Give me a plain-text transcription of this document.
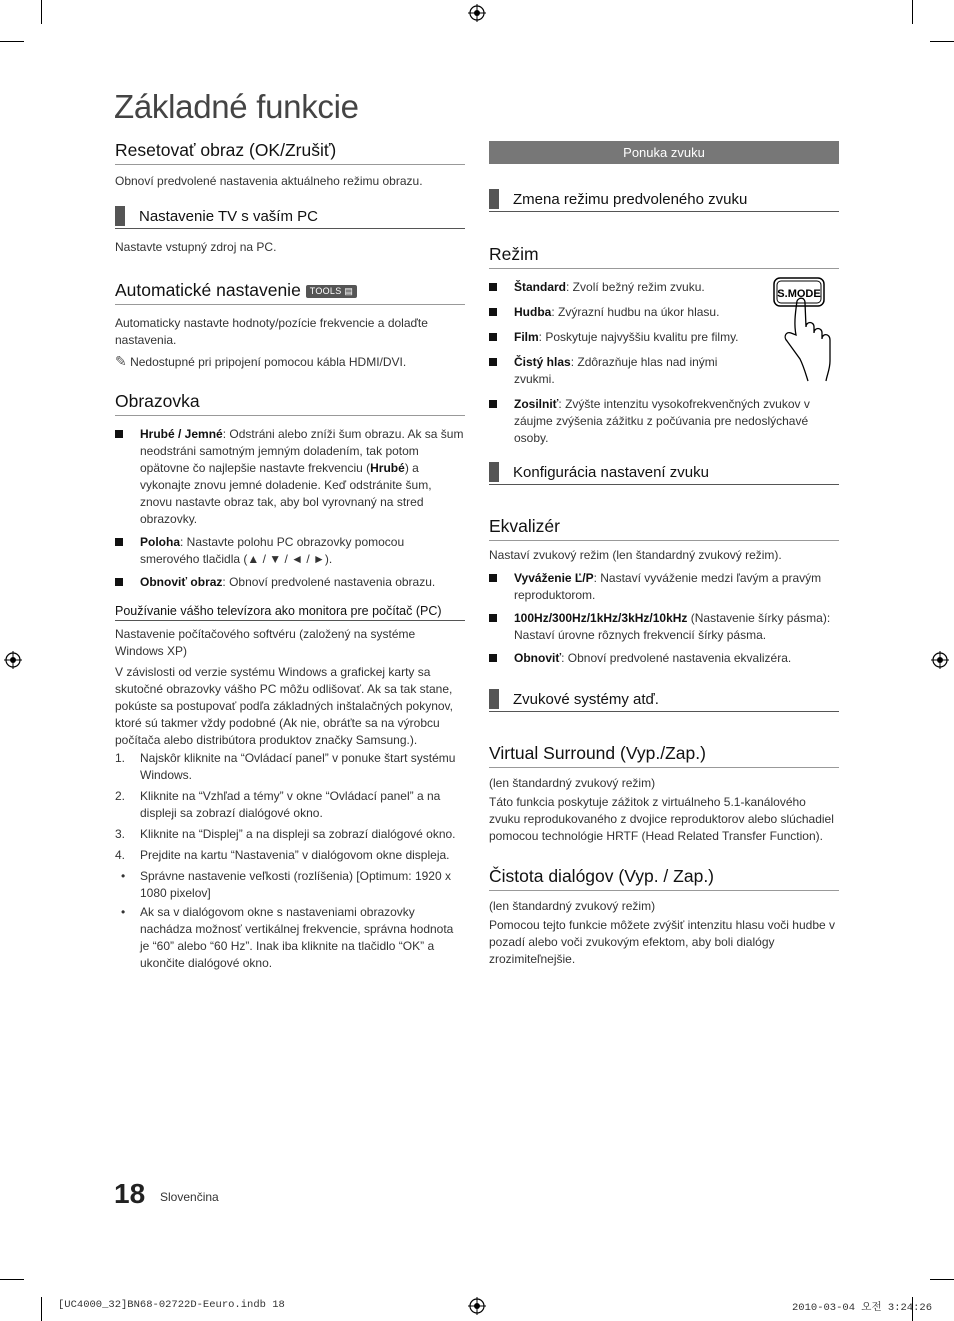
Základné funkcie
Resetovať obraz (OK/Zrušiť)

Obnoví predvolené nastavenia aktuálneho režimu obrazu.

Nastavenie TV s vaším PC

Nastavte vstupný zdroj na PC.

Automatické nastavenie TOOLS ▤

Automaticky nastavte hodnoty/pozície frekvencie a dolaďte nastavenia.

✎ Nedostupné pri pripojení pomocou kábla HDMI/DVI.

Obrazovka
Hrubé / Jemné: Odstráni alebo zníži šum obrazu. Ak sa šum neodstráni samotným jemným doladením, tak potom opätovne čo najlepšie nastavte frekvenciu (Hrubé) a vykonajte znovu jemné doladenie. Keď odstránite šum, znovu nastavte obraz tak, aby bol vyrovnaný na stred obrazovky.
Poloha: Nastavte polohu PC obrazovky pomocou smerového tlačidla (▲ / ▼ / ◄ / ►).
Obnoviť obraz: Obnoví predvolené nastavenia obrazu.
Používanie vášho televízora ako monitora pre počítač (PC)

Nastavenie počítačového softvéru (založený na systéme Windows XP)

V závislosti od verzie systému Windows a grafickej karty sa skutočné obrazovky vášho PC môžu odlišovať. Ak sa tak stane, pokúste sa postupovať podľa základných inštalačných pokynov, ktoré sú takmer vždy podobné (Ak nie, obráťte sa na výrobcu počítača alebo distribútora produktov značky Samsung.).

1. Najskôr kliknite na “Ovládací panel” v ponuke štart systému Windows.
2. Kliknite na “Vzhľad a témy” v okne “Ovládací panel” a na displeji sa zobrazí dialógové okno.
3. Kliknite na “Displej” a na displeji sa zobrazí dialógové okno.
4. Prejdite na kartu “Nastavenia” v dialógovom okne displeja.
• Správne nastavenie veľkosti (rozlíšenia) [Optimum: 1920 x 1080 pixelov]
• Ak sa v dialógovom okne s nastaveniami obrazovky nachádza možnosť vertikálnej frekvencie, správna hodnota je “60” alebo “60 Hz”. Inak iba kliknite na tlačidlo “OK” a ukončite dialógové okno.
Ponuka zvuku
Zmena režimu predvoleného zvuku
Režim
Štandard: Zvolí bežný režim zvuku.
Hudba: Zvýrazní hudbu na úkor hlasu.
Film: Poskytuje najvyššiu kvalitu pre filmy.
Čistý hlas: Zdôrazňuje hlas nad inými zvukmi.
Zosilniť: Zvýšte intenzitu vysokofrekvenčných zvukov v záujme zvýšenia zážitku z počúvania pre nedoslýchavé osoby.
S.MODE
Konfigurácia nastavení zvuku
Ekvalizér

Nastaví zvukový režim (len štandardný zvukový režim).

Vyváženie Ľ/P: Nastaví vyváženie medzi ľavým a pravým reproduktorom.
100Hz/300Hz/1kHz/3kHz/10kHz (Nastavenie šírky pásma): Nastaví úrovne rôznych frekvencií šírky pásma.
Obnoviť: Obnoví predvolené nastavenia ekvalizéra.
Zvukové systémy atď.
Virtual Surround (Vyp./Zap.)

(len štandardný zvukový režim)

Táto funkcia poskytuje zážitok z virtuálneho 5.1-kanálového zvuku reprodukovaného z dvojice reproduktorov alebo slúchadiel pomocou technológie HRTF (Head Related Transfer Function).

Čistota dialógov (Vyp. / Zap.)

(len štandardný zvukový režim)

Pomocou tejto funkcie môžete zvýšiť intenzitu hlasu voči hudbe v pozadí alebo voči zvukovým efektom, aby boli dialógy zrozimiteľnejšie.

18 Slovenčina
[UC4000_32]BN68-02722D-Eeuro.indb 18	2010-03-04 오전 3:24:26
